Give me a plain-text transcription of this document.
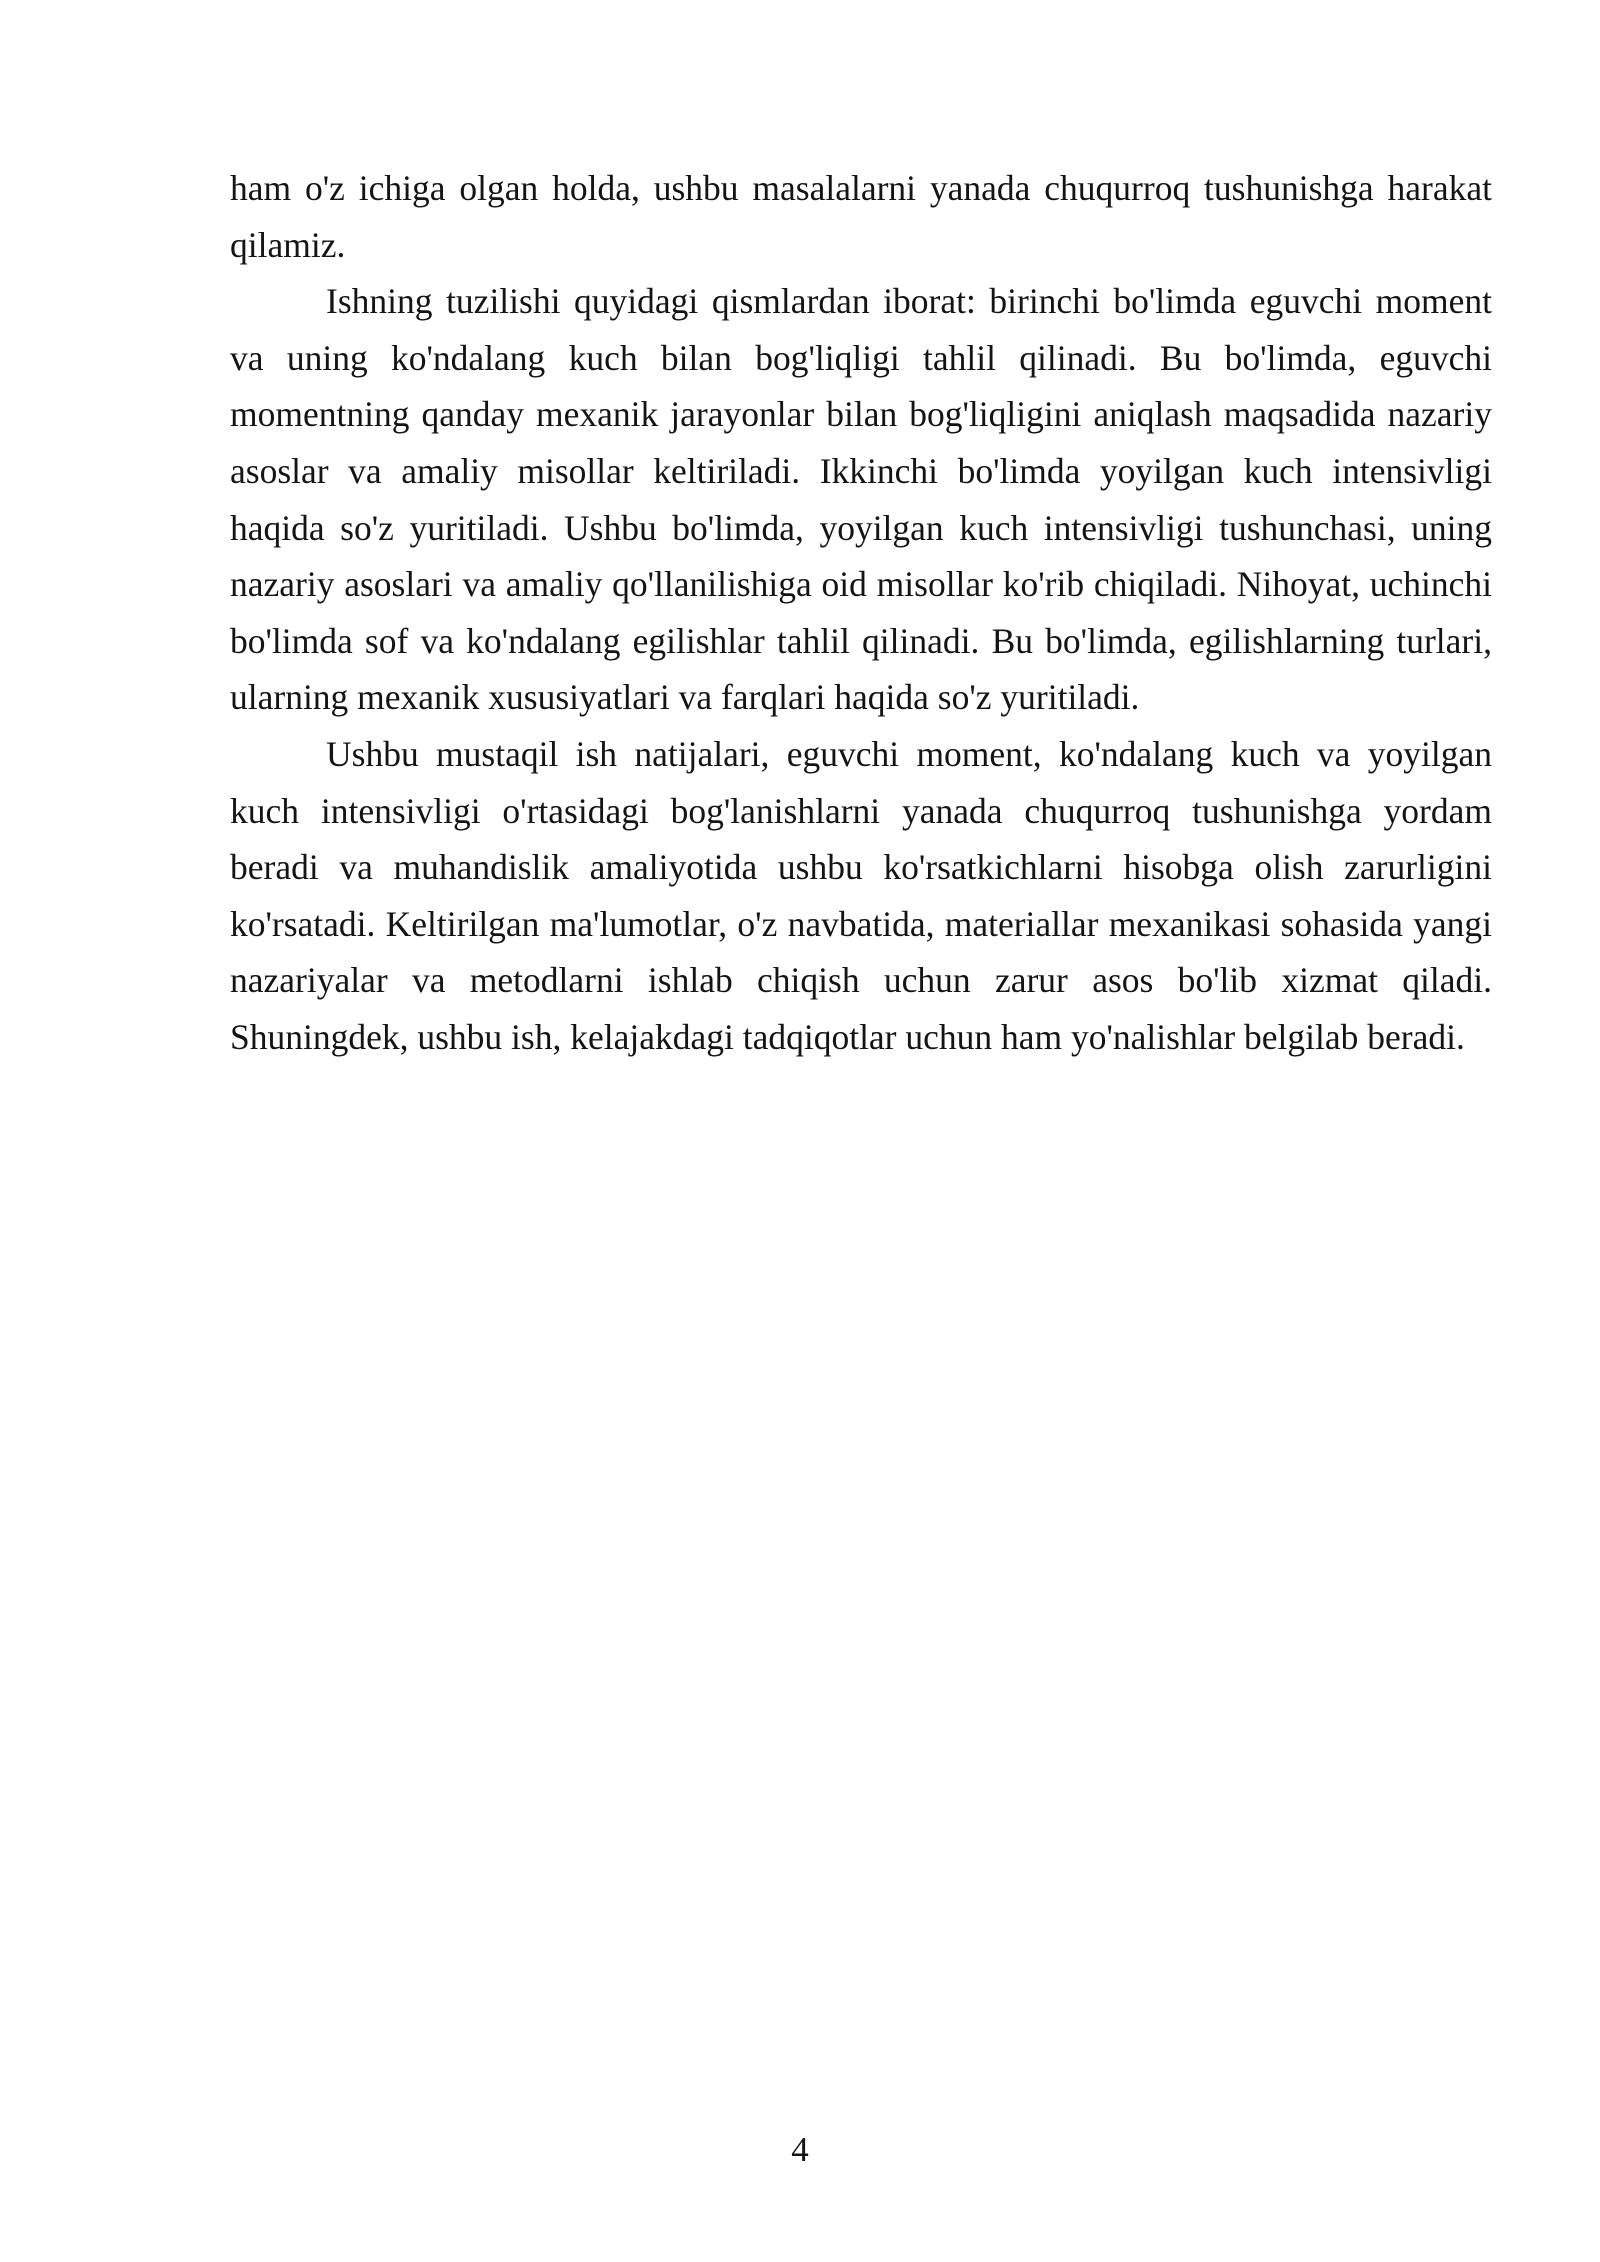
ham o'z ichiga olgan holda, ushbu masalalarni yanada chuqurroq tushunishga harakat qilamiz.

Ishning tuzilishi quyidagi qismlardan iborat: birinchi bo'limda eguvchi moment va uning ko'ndalang kuch bilan bog'liqligi tahlil qilinadi. Bu bo'limda, eguvchi momentning qanday mexanik jarayonlar bilan bog'liqligini aniqlash maqsadida nazariy asoslar va amaliy misollar keltiriladi. Ikkinchi bo'limda yoyilgan kuch intensivligi haqida so'z yuritiladi. Ushbu bo'limda, yoyilgan kuch intensivligi tushunchasi, uning nazariy asoslari va amaliy qo'llanilishiga oid misollar ko'rib chiqiladi. Nihoyat, uchinchi bo'limda sof va ko'ndalang egilishlar tahlil qilinadi. Bu bo'limda, egilishlarning turlari, ularning mexanik xususiyatlari va farqlari haqida so'z yuritiladi.

Ushbu mustaqil ish natijalari, eguvchi moment, ko'ndalang kuch va yoyilgan kuch intensivligi o'rtasidagi bog'lanishlarni yanada chuqurroq tushunishga yordam beradi va muhandislik amaliyotida ushbu ko'rsatkichlarni hisobga olish zarurligini ko'rsatadi. Keltirilgan ma'lumotlar, o'z navbatida, materiallar mexanikasi sohasida yangi nazariyalar va metodlarni ishlab chiqish uchun zarur asos bo'lib xizmat qiladi. Shuningdek, ushbu ish, kelajakdagi tadqiqotlar uchun ham yo'nalishlar belgilab beradi.

4
